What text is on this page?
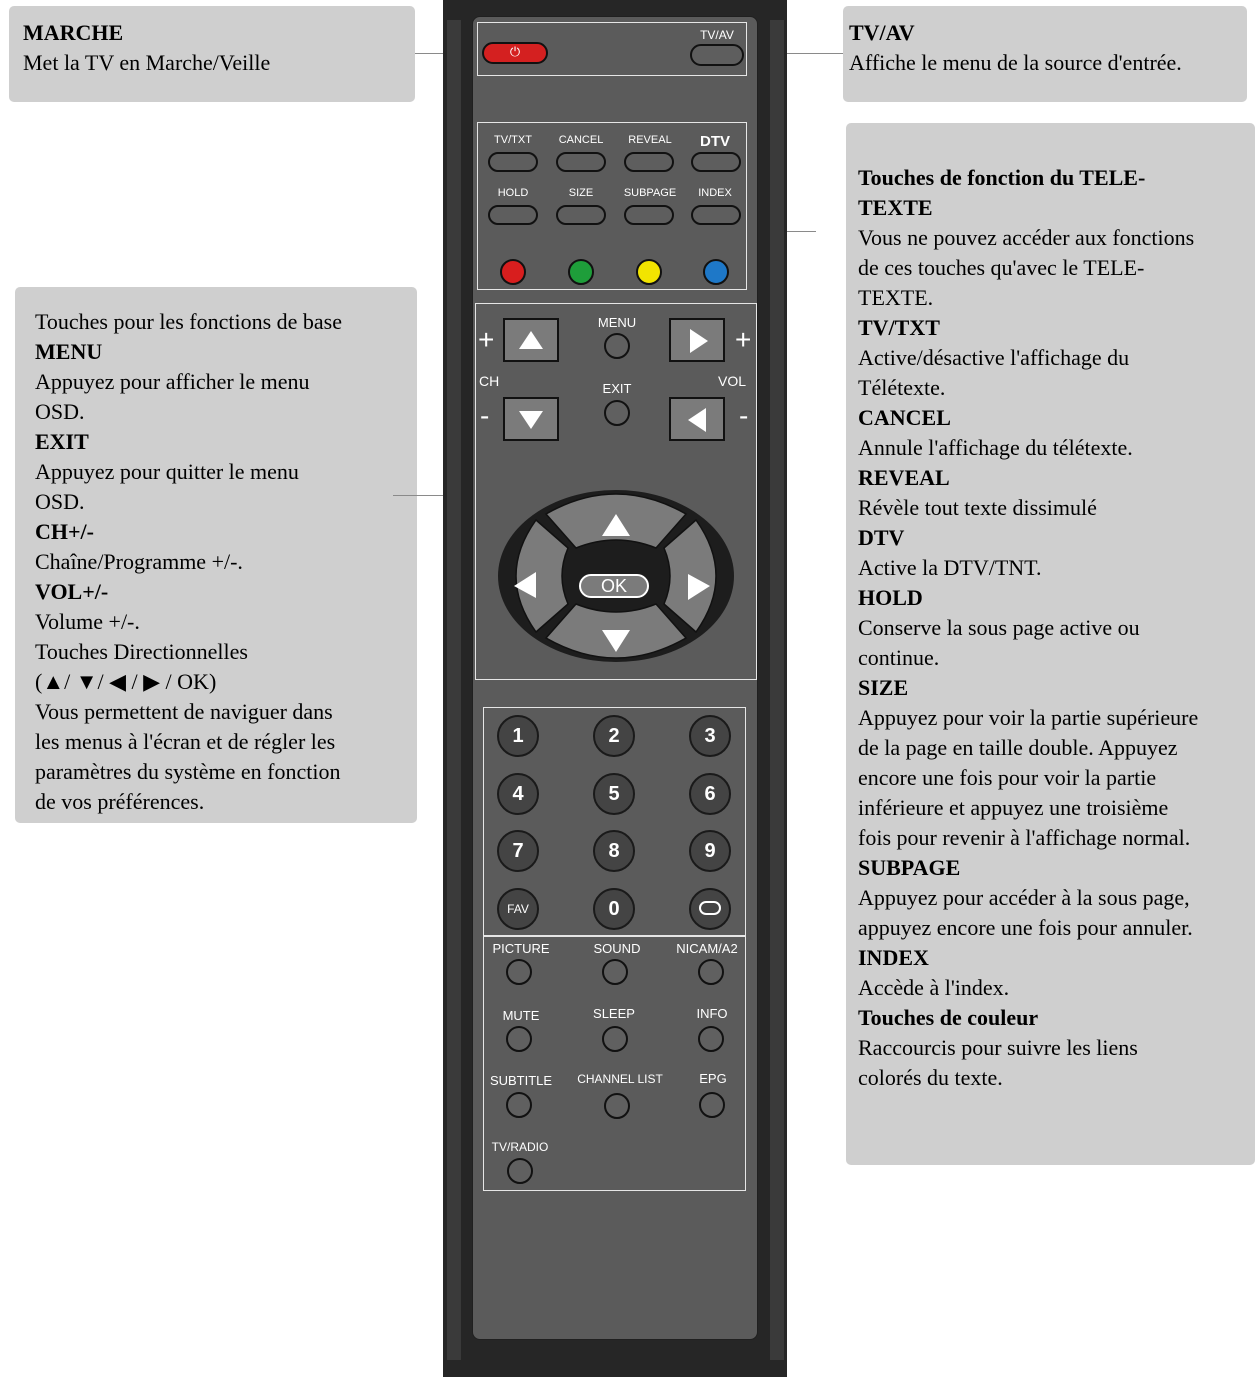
MARCHE
Met la TV en Marche/Veille
TV/AV
Affiche le menu de la source d'entrée.
Touches pour les fonctions de base
MENU
Appuyez pour afficher le menu
OSD.
EXIT
Appuyez pour quitter le menu
OSD.
CH+/-
Chaîne/Programme +/-.
VOL+/-
Volume +/-.
Touches Directionnelles
(▲/ ▼/ ◀ / ▶ / OK)
Vous permettent de naviguer dans
les menus à l'écran et de régler les
paramètres du système en fonction
de vos préférences.
Touches de fonction du TELE-
TEXTE
Vous ne pouvez accéder aux fonctions
de ces touches qu'avec le TELE-
TEXTE.
TV/TXT
Active/désactive l'affichage du
Télétexte.
CANCEL
Annule l'affichage du télétexte.
REVEAL
Révèle tout texte dissimulé
DTV
Active la DTV/TNT.
HOLD
Conserve la sous page active ou
continue.
SIZE
Appuyez pour voir la partie supérieure
de la page en taille double. Appuyez
encore une fois pour voir la partie
inférieure et appuyez une troisième
fois pour revenir à l'affichage normal.
SUBPAGE
Appuyez pour accéder à la sous page,
appuyez encore une fois pour annuler.
INDEX
Accède à l'index.
Touches de couleur
Raccourcis pour suivre les liens
colorés du texte.
⏻
TV/AV
TV/TXT	CANCEL REVEAL	DTV
HOLD	SIZE	SUBPAGE	INDEX
+
CH
-
MENU
EXIT
+
VOL
-
OK
1	2	3
4	5	6
7	8	9
FAV	0
PICTURE	SOUND	NICAM/A2
MUTE	SLEEP	INFO
SUBTITLE	CHANNEL LIST	EPG
TV/RADIO
